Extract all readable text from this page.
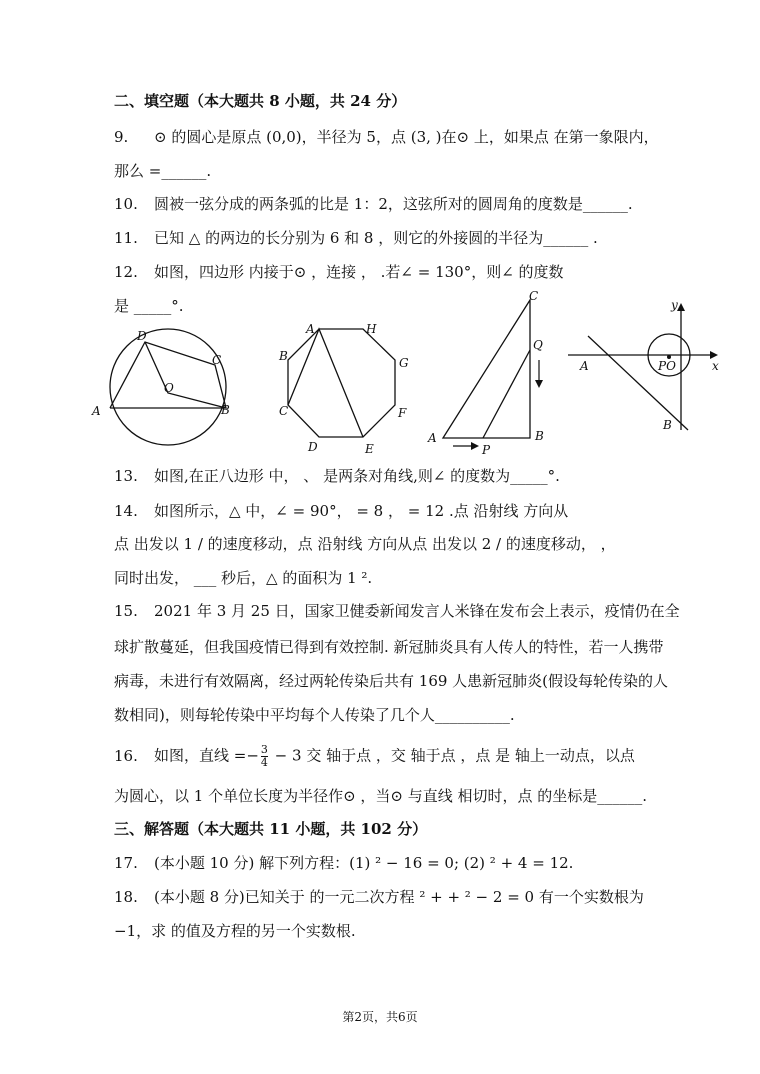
二、填空题（本大题共 8 小题，共 24 分）
9. ⊙ 的圆心是原点 (0,0)，半径为 5，点 (3, )在⊙ 上，如果点 在第一象限内，
那么 =______.
10. 圆被一弦分成的两条弧的比是 1：2，这弦所对的圆周角的度数是______.
11. 已知 △ 的两边的长分别为 6 和 8 ，则它的外接圆的半径为______ .
12. 如图，四边形 内接于⊙ ，连接 ， .若∠ = 130°，则∠ 的度数
是 _____°.
D
C
O
A	B
A	H
B	G
C	F
D	E
C
Q
A
P
B
y
A	PO	x
B
13. 如图,在正八边形 中， 、 是两条对角线,则∠ 的度数为_____°.
14. 如图所示，△ 中，∠ = 90°， = 8 ， = 12 .点 沿射线 方向从
点 出发以 1 / 的速度移动，点 沿射线 方向从点 出发以 2 / 的速度移动， ，
同时出发， ___ 秒后，△ 的面积为 1 ².
15. 2021 年 3 月 25 日，国家卫健委新闻发言人米锋在发布会上表示，疫情仍在全
球扩散蔓延，但我国疫情已得到有效控制. 新冠肺炎具有人传人的特性，若一人携带
病毒，未进行有效隔离，经过两轮传染后共有 169 人患新冠肺炎(假设每轮传染的人
数相同)，则每轮传染中平均每个人传染了几个人__________.
16. 如图，直线 =− $\frac{3}{4} - 3$ 交 轴于点 ，交 轴于点 ，点 是 轴上一动点，以点
为圆心，以 1 个单位长度为半径作⊙ ，当⊙ 与直线 相切时，点 的坐标是______.
三、解答题（本大题共 11 小题，共 102 分）
17. (本小题 10 分) 解下列方程：(1) ² − 16 = 0; (2) ² + 4 = 12.
18. (本小题 8 分)已知关于 的一元二次方程 ² + + ² − 2 = 0 有一个实数根为
−1，求 的值及方程的另一个实数根.
第2页，共6页
